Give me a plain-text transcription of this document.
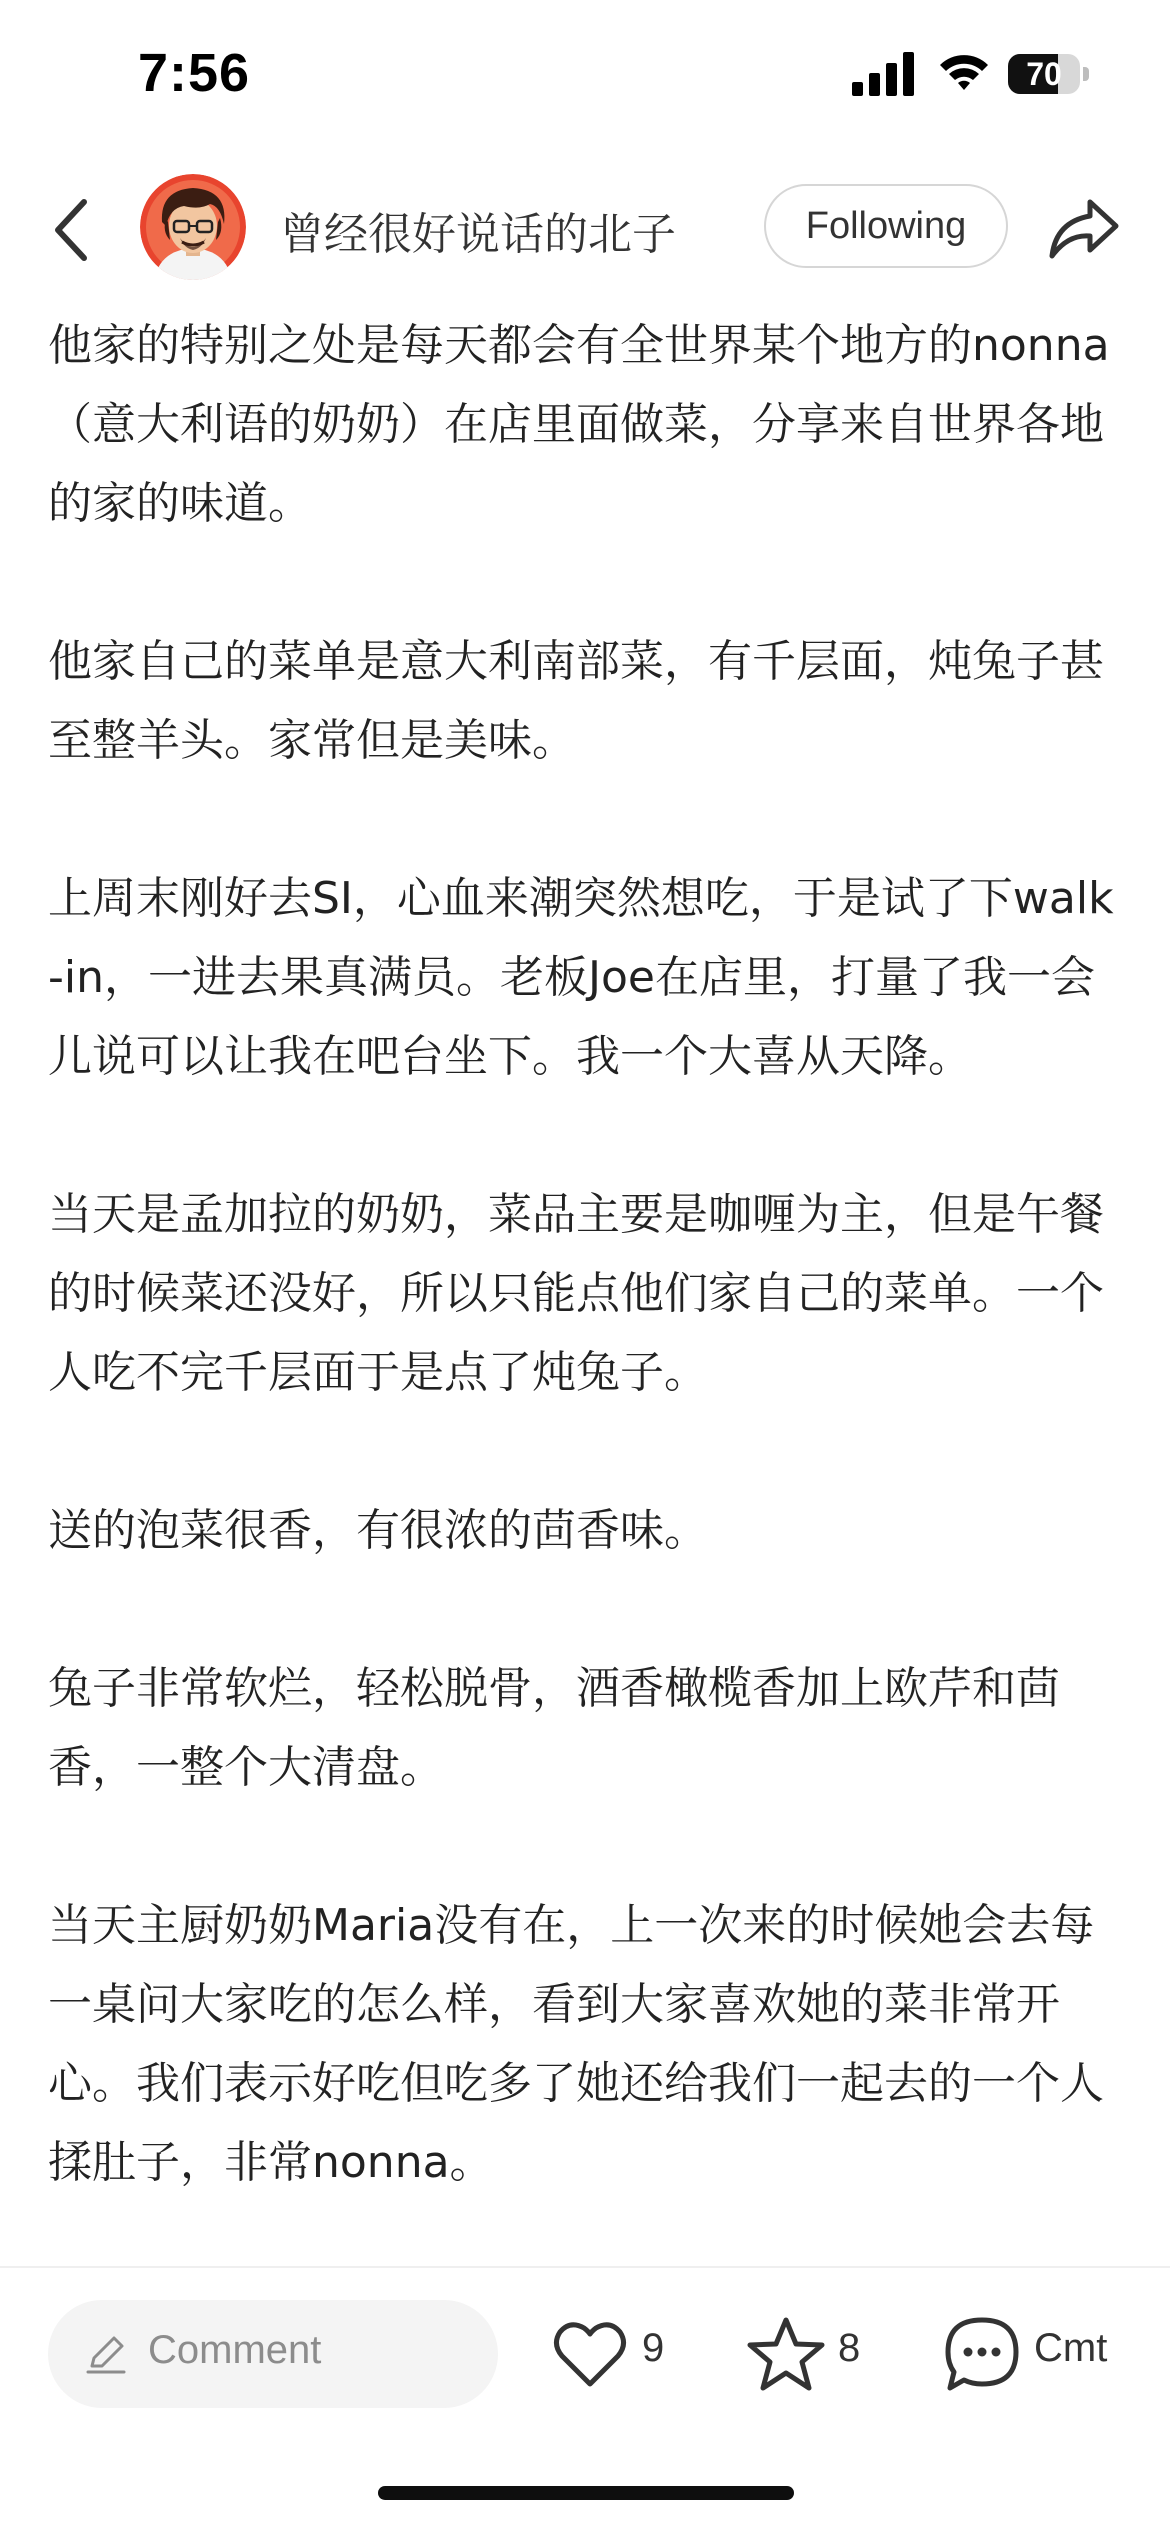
7:56	70
曾经很好说话的北子	Following

他家的特别之处是每天都会有全世界某个地方的nonna（意大利语的奶奶）在店里面做菜，分享来自世界各地的家的味道。

他家自己的菜单是意大利南部菜，有千层面，炖兔子甚至整羊头。家常但是美味。

上周末刚好去SI，心血来潮突然想吃，于是试了下walk-in，一进去果真满员。老板Joe在店里，打量了我一会儿说可以让我在吧台坐下。我一个大喜从天降。

当天是孟加拉的奶奶，菜品主要是咖喱为主，但是午餐的时候菜还没好，所以只能点他们家自己的菜单。一个人吃不完千层面于是点了炖兔子。

送的泡菜很香，有很浓的茴香味。

兔子非常软烂，轻松脱骨，酒香橄榄香加上欧芹和茴香，一整个大清盘。

当天主厨奶奶Maria没有在，上一次来的时候她会去每一桌问大家吃的怎么样，看到大家喜欢她的菜非常开心。我们表示好吃但吃多了她还给我们一起去的一个人揉肚子，非常nonna。

Comment	9	8	Cmt
